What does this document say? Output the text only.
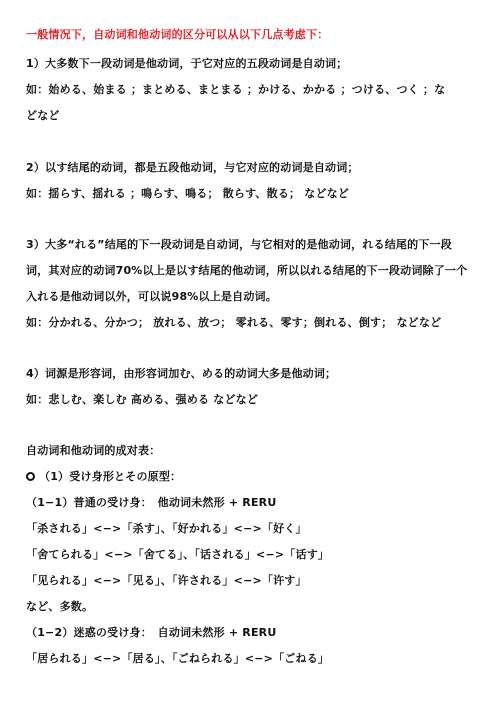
一般情况下，自动词和他动词的区分可以从以下几点考虑下：
1）大多数下一段动词是他动词，于它对应的五段动词是自动词；
如：始める、始まる ；まとめる、まとまる ；かける、かかる ；つける、つく ；な
どなど
2）以す结尾的动词，都是五段他动词，与它对应的动词是自动词；
如：揺らす、揺れる ；鳴らす、鳴る； 散らす、散る； などなど
3）大多“れる”结尾的下一段动词是自动词，与它相对的是他动词，れる结尾的下一段
词，其对应的动词70%以上是以す结尾的他动词，所以以れる结尾的下一段动词除了一个
入れる是他动词以外，可以说98%以上是自动词。
如：分かれる、分かつ； 放れる、放つ； 零れる、零す；倒れる、倒す； などなど
4）词源是形容词，由形容词加む、める的动词大多是他动词；
如：悲しむ、楽しむ 高める、强める などなど
自动词和他动词的成对表：
（1）受け身形とその原型：
（1−1）普通の受け身：　他动词未然形 + RERU
「杀される」<−>「杀す」、「好かれる」<−>「好く」
「舍てられる」<−>「舍てる」、「话される」<−>「话す」
「见られる」<−>「见る」、「许される」<−>「许す」
など、多数。
（1−2）迷惑の受け身：　自动词未然形 + RERU
「居られる」<−>「居る」、「ごねられる」<−>「ごねる」
